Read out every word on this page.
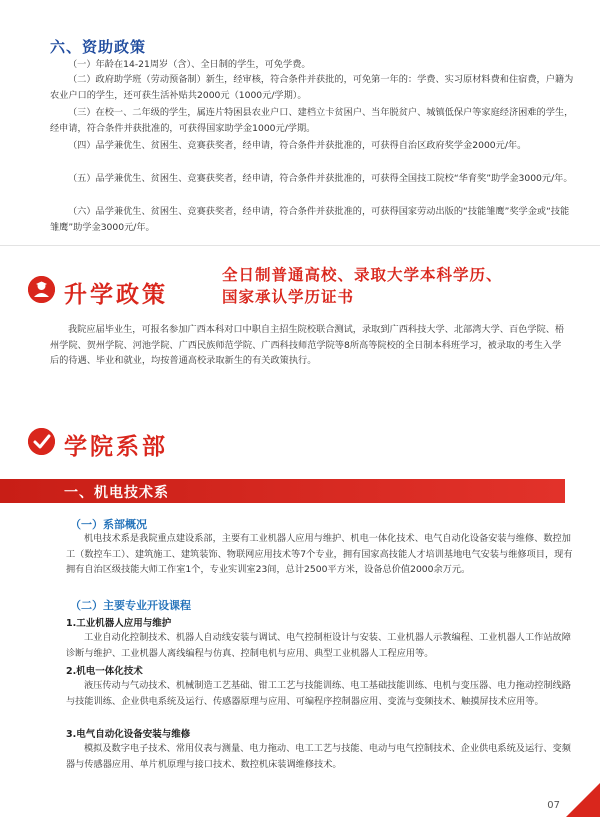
六、资助政策
（一）年龄在14-21周岁（含）、全日制的学生，可免学费。
（二）政府助学班（劳动预备制）新生，经审核，符合条件并获批的，可免第一年的：学费、实习原材料费和住宿费，户籍为农业户口的学生，还可获生活补贴共2000元（1000元/学期）。
（三）在校一、二年级的学生，属连片特困县农业户口、建档立卡贫困户、当年脱贫户、城镇低保户等家庭经济困难的学生，经申请，符合条件并获批准的，可获得国家助学金1000元/学期。
（四）品学兼优生、贫困生、竞赛获奖者，经申请，符合条件并获批准的，可获得自治区政府奖学金2000元/年。
（五）品学兼优生、贫困生、竞赛获奖者，经申请，符合条件并获批准的，可获得全国技工院校“华育奖”助学金3000元/年。
（六）品学兼优生、贫困生、竞赛获奖者，经申请，符合条件并获批准的，可获得国家劳动出版的“技能雏鹰”奖学金或“技能雏鹰”助学金3000元/年。
升学政策
全日制普通高校、录取大学本科学历、
国家承认学历证书
我院应届毕业生，可报名参加广西本科对口中职自主招生院校联合测试，录取到广西科技大学、北部湾大学、百色学院、梧州学院、贺州学院、河池学院、广西民族师范学院、广西科技师范学院等8所高等院校的全日制本科班学习，被录取的考生入学后的待遇、毕业和就业，均按普通高校录取新生的有关政策执行。
学院系部
一、机电技术系
（一）系部概况
机电技术系是我院重点建设系部，主要有工业机器人应用与维护、机电一体化技术、电气自动化设备安装与维修、数控加工（数控车工）、建筑施工、建筑装饰、物联网应用技术等7个专业，拥有国家高技能人才培训基地电气安装与维修项目，现有拥有自治区级技能大师工作室1个，专业实训室23间，总计2500平方米，设备总价值2000余万元。
（二）主要专业开设课程
1.工业机器人应用与维护
工业自动化控制技术、机器人自动线安装与调试、电气控制柜设计与安装、工业机器人示教编程、工业机器人工作站故障诊断与维护、工业机器人离线编程与仿真、控制电机与应用、典型工业机器人工程应用等。
2.机电一体化技术
液压传动与气动技术、机械制造工艺基础、钳工工艺与技能训练、电工基础技能训练、电机与变压器、电力拖动控制线路与技能训练、企业供电系统及运行、传感器原理与应用、可编程序控制器应用、变流与变频技术、触摸屏技术应用等。
3.电气自动化设备安装与维修
模拟及数字电子技术、常用仪表与测量、电力拖动、电工工艺与技能、电动与电气控制技术、企业供电系统及运行、变频器与传感器应用、单片机原理与接口技术、数控机床装调维修技术。
07
